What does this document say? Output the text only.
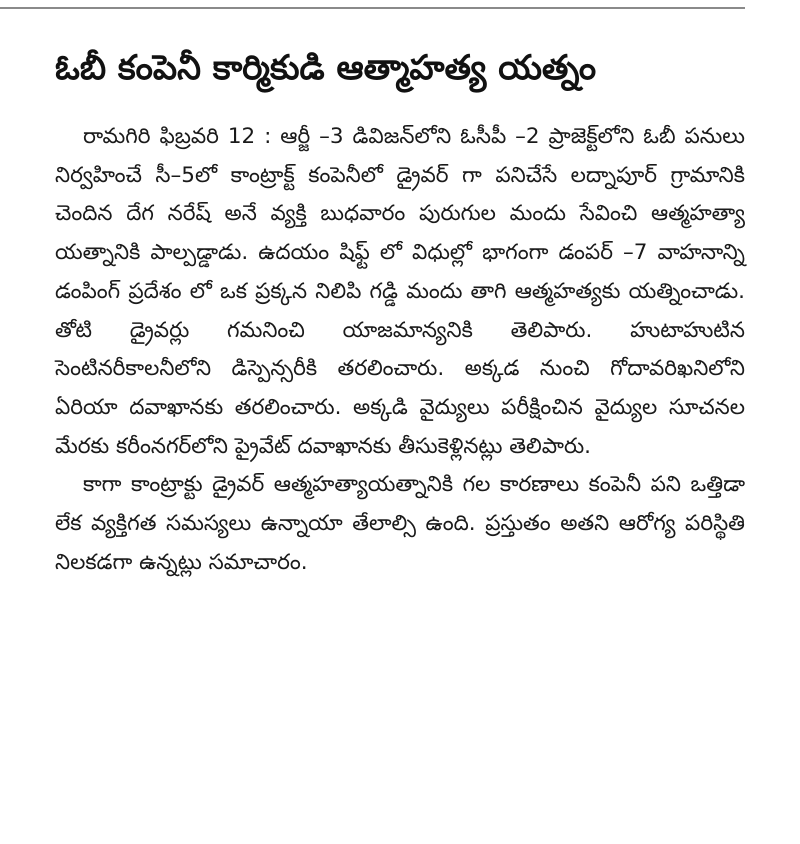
ఓబీ కంపెనీ కార్మికుడి ఆత్మాహత్య యత్నం

రామగిరి ఫిబ్రవరి 12 : ఆర్జీ –3 డివిజన్‌లోని ఓసీపీ –2 ప్రాజెక్ట్‌లోని ఓబీ పనులు నిర్వహించే సీ–5లో కాంట్రాక్ట్ కంపెనీలో డ్రైవర్ గా పనిచేసే లద్నాపూర్ గ్రామానికి చెందిన దేగ నరేష్ అనే వ్యక్తి బుధవారం పురుగుల మందు సేవించి ఆత్మహత్యా యత్నానికి పాల్పడ్డాడు. ఉదయం షిఫ్ట్ లో విధుల్లో భాగంగా డంపర్ –7 వాహనాన్ని డంపింగ్ ప్రదేశం లో ఒక ప్రక్కన నిలిపి గడ్డి మందు తాగి ఆత్మహత్యకు యత్నించాడు. తోటి డ్రైవర్లు గమనించి యాజమాన్యనికి తెలిపారు. హుటాహుటిన సెంటినరీకాలనీలోని డిస్పెన్సరీకి తరలించారు. అక్కడ నుంచి గోదావరిఖనిలోని ఏరియా దవాఖానకు తరలించారు. అక్కడి వైద్యులు పరీక్షించిన వైద్యుల సూచనల మేరకు కరీంనగర్‌లోని ప్రైవేట్ దవాఖానకు తీసుకెళ్లినట్లు తెలిపారు.

కాగా కాంట్రాక్టు డ్రైవర్ ఆత్మహత్యాయత్నానికి గల కారణాలు కంపెనీ పని ఒత్తిడా లేక వ్యక్తిగత సమస్యలు ఉన్నాయా తేలాల్సి ఉంది. ప్రస్తుతం అతని ఆరోగ్య పరిస్థితి నిలకడగా ఉన్నట్లు సమాచారం.
